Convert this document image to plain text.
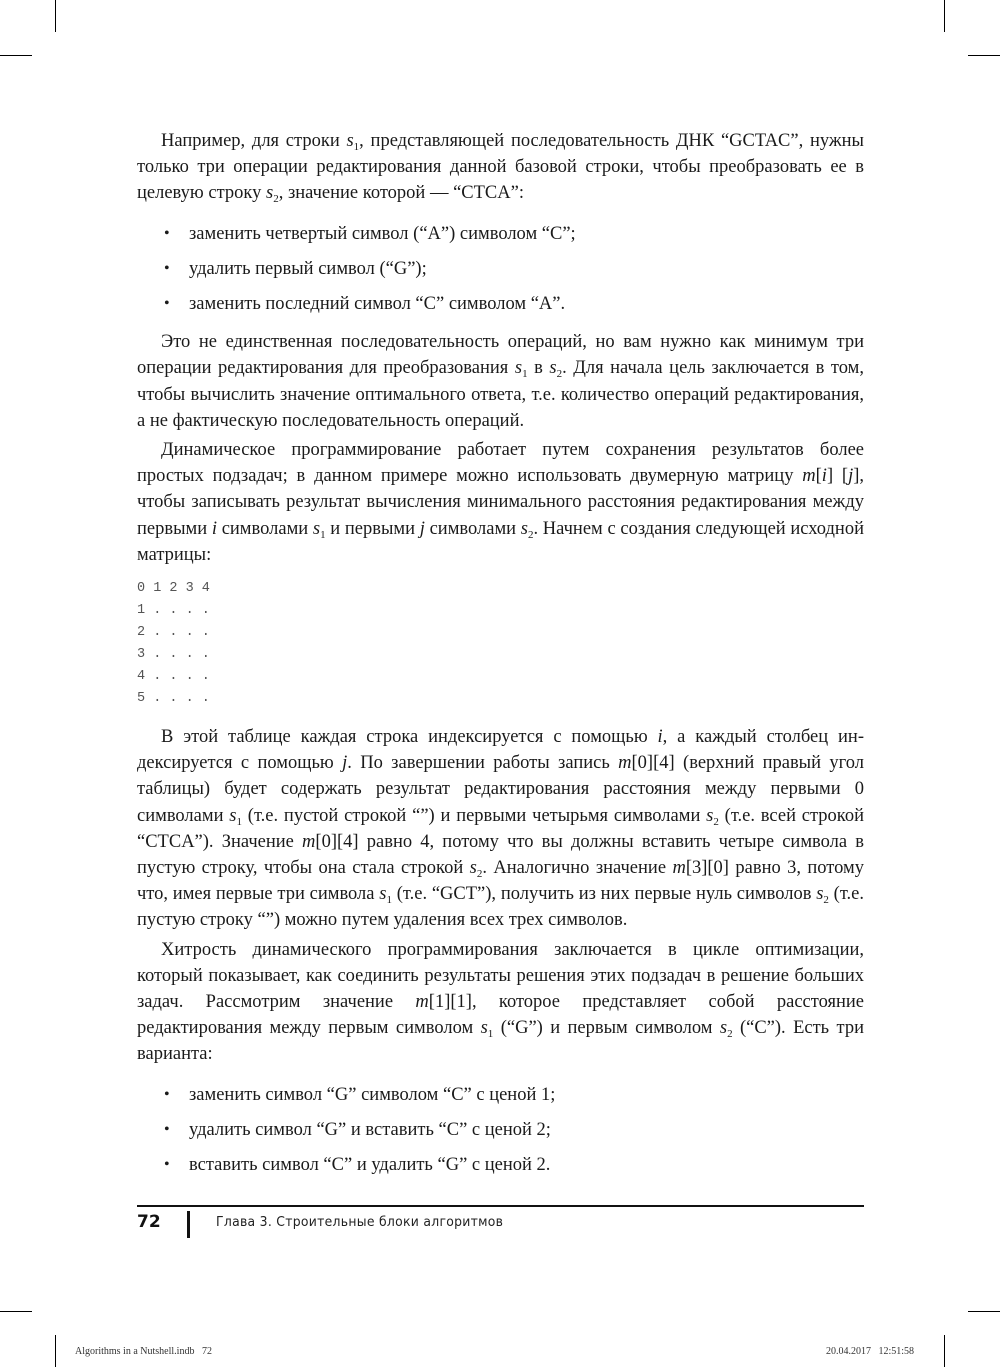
Например, для строки $s_1$, представляющей последовательность ДНК “GCTAC”, нужны только три операции редактирования данной базовой строки, чтобы преобразовать ее в целевую строку $s_2$, значение которой — “CTCA”:

• заменить четвертый символ (“A”) символом “C”;
• удалить первый символ (“G”);
• заменить последний символ “C” символом “A”.

Это не единственная последовательность операций, но вам нужно как минимум три операции редактирования для преобразования $s_1$ в $s_2$. Для начала цель заключается в том, чтобы вычислить значение оптимального ответа, т.е. количество операций редактирования, а не фактическую последовательность операций.

Динамическое программирование работает путем сохранения результатов более простых подзадач; в данном примере можно использовать двумерную матрицу m[i] [j], чтобы записывать результат вычисления минимального расстояния редактирования между первыми i символами $s_1$ и первыми j символами $s_2$. Начнем с создания следующей исходной матрицы:

0 1 2 3 4
1 . . . .
2 . . . .
3 . . . .
4 . . . .
5 . . . .

В этой таблице каждая строка индексируется с помощью i, а каждый столбец индексируется с помощью j. По завершении работы запись m[0][4] (верхний правый угол таблицы) будет содержать результат редактирования расстояния между первыми 0 символами $s_1$ (т.е. пустой строкой “”) и первыми четырьмя символами $s_2$ (т.е. всей строкой “CTCA”). Значение m[0][4] равно 4, потому что вы должны вставить четыре символа в пустую строку, чтобы она стала строкой $s_2$. Аналогично значение m[3][0] равно 3, потому что, имея первые три символа $s_1$ (т.е. “GCT”), получить из них первые нуль символов $s_2$ (т.е. пустую строку “”) можно путем удаления всех трех символов.

Хитрость динамического программирования заключается в цикле оптимизации, который показывает, как соединить результаты решения этих подзадач в решение больших задач. Рассмотрим значение m[1][1], которое представляет собой расстояние редактирования между первым символом $s_1$ (“G”) и первым символом $s_2$ (“C”). Есть три варианта:

• заменить символ “G” символом “C” с ценой 1;
• удалить символ “G” и вставить “C” с ценой 2;
• вставить символ “C” и удалить “G” с ценой 2.
72	Глава 3. Строительные блоки алгоритмов
Algorithms in a Nutshell.indb   72	20.04.2017   12:51:58
